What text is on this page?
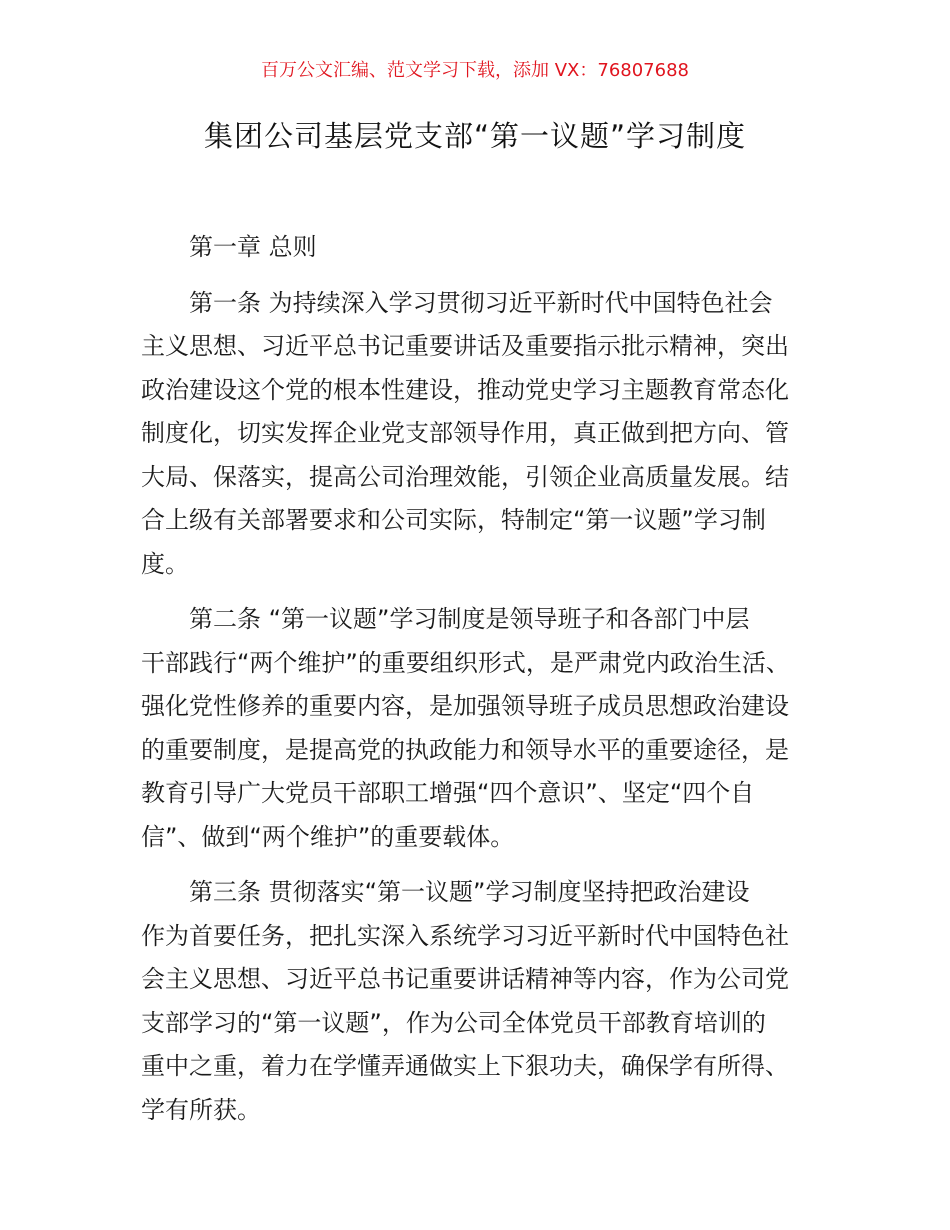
百万公文汇编、范文学习下载，添加 VX：76807688
集团公司基层党支部“第一议题”学习制度
第一章 总则
第一条 为持续深入学习贯彻习近平新时代中国特色社会
主义思想、习近平总书记重要讲话及重要指示批示精神，突出
政治建设这个党的根本性建设，推动党史学习主题教育常态化
制度化，切实发挥企业党支部领导作用，真正做到把方向、管
大局、保落实，提高公司治理效能，引领企业高质量发展。结
合上级有关部署要求和公司实际，特制定“第一议题”学习制
度。
第二条 “第一议题”学习制度是领导班子和各部门中层
干部践行“两个维护”的重要组织形式，是严肃党内政治生活、
强化党性修养的重要内容，是加强领导班子成员思想政治建设
的重要制度，是提高党的执政能力和领导水平的重要途径，是
教育引导广大党员干部职工增强“四个意识”、坚定“四个自
信”、做到“两个维护”的重要载体。
第三条 贯彻落实“第一议题”学习制度坚持把政治建设
作为首要任务，把扎实深入系统学习习近平新时代中国特色社
会主义思想、习近平总书记重要讲话精神等内容，作为公司党
支部学习的“第一议题”，作为公司全体党员干部教育培训的
重中之重，着力在学懂弄通做实上下狠功夫，确保学有所得、
学有所获。
